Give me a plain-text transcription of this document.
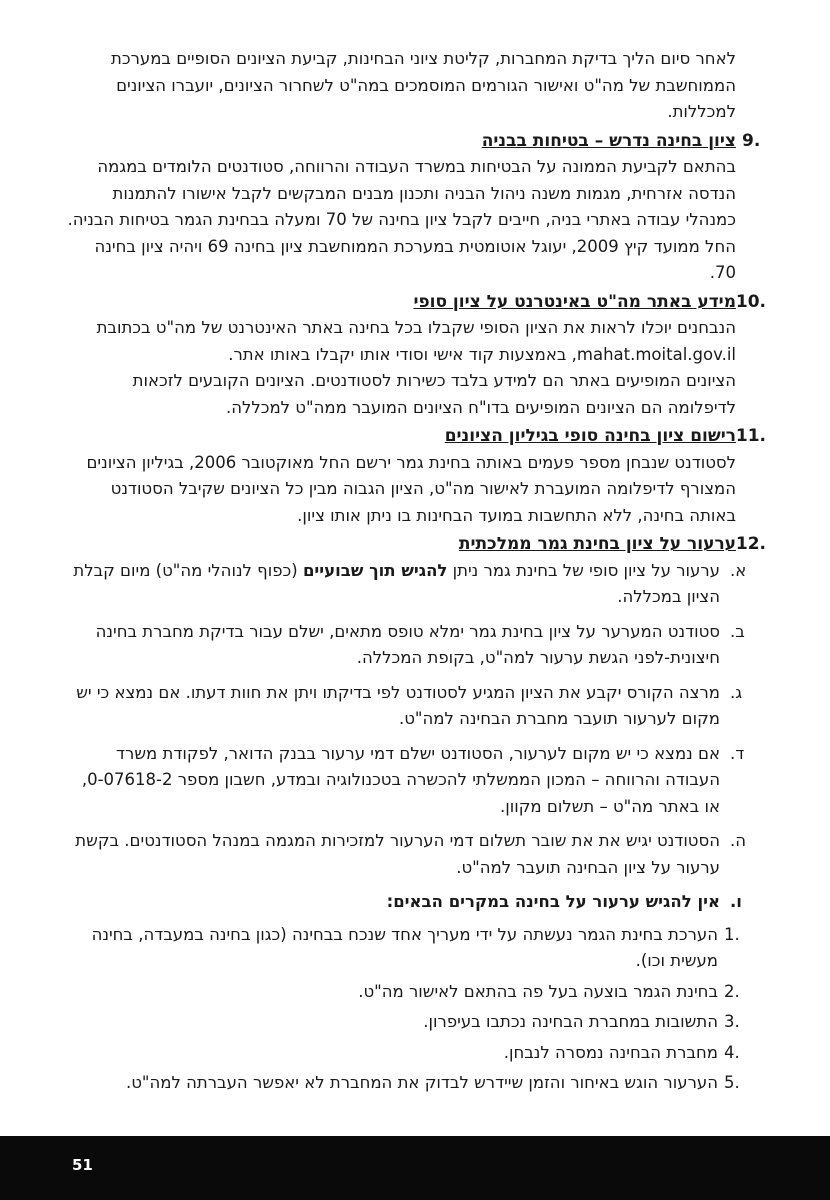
לאחר סיום הליך בדיקת המחברות, קליטת ציוני הבחינות, קביעת הציונים הסופיים במערכת הממוחשבת של מה"ט ואישור הגורמים המוסמכים במה"ט לשחרור הציונים, יועברו הציונים למכללות.

.9
ציון בחינה נדרש – בטיחות בבניה

בהתאם לקביעת הממונה על הבטיחות במשרד העבודה והרווחה, סטודנטים הלומדים במגמה הנדסה אזרחית, מגמות משנה ניהול הבניה ותכנון מבנים המבקשים לקבל אישורו להתמנות כמנהלי עבודה באתרי בניה, חייבים לקבל ציון בחינה של 70 ומעלה בבחינת הגמר בטיחות הבניה.

החל ממועד קיץ 2009, יעוגל אוטומטית במערכת הממוחשבת ציון בחינה 69 ויהיה ציון בחינה 70.

.10
מידע באתר מה"ט באינטרנט על ציון סופי

הנבחנים יוכלו לראות את הציון הסופי שקבלו בכל בחינה באתר האינטרנט של מה"ט בכתובת mahat.moital.gov.il, באמצעות קוד אישי וסודי אותו יקבלו באותו אתר.

הציונים המופיעים באתר הם למידע בלבד כשירות לסטודנטים. הציונים הקובעים לזכאות לדיפלומה הם הציונים המופיעים בדו"ח הציונים המועבר ממה"ט למכללה.

.11
רישום ציון בחינה סופי בגיליון הציונים

לסטודנט שנבחן מספר פעמים באותה בחינת גמר ירשם החל מאוקטובר 2006, בגיליון הציונים המצורף לדיפלומה המועברת לאישור מה"ט, הציון הגבוה מבין כל הציונים שקיבל הסטודנט באותה בחינה, ללא התחשבות במועד הבחינות בו ניתן אותו ציון.

.12
ערעור על ציון בחינת גמר ממלכתית
א.
ערעור על ציון סופי של בחינת גמר ניתן להגיש תוך שבועיים (כפוף לנוהלי מה"ט) מיום קבלת הציון במכללה.
ב.
סטודנט המערער על ציון בחינת גמר ימלא טופס מתאים, ישלם עבור בדיקת מחברת בחינה חיצונית-לפני הגשת ערעור למה"ט, בקופת המכללה.
ג.
מרצה הקורס יקבע את הציון המגיע לסטודנט לפי בדיקתו ויתן את חוות דעתו. אם נמצא כי יש מקום לערעור תועבר מחברת הבחינה למה"ט.
ד.
אם נמצא כי יש מקום לערעור, הסטודנט ישלם דמי ערעור בבנק הדואר, לפקודת משרד העבודה והרווחה – המכון הממשלתי להכשרה בטכנולוגיה ובמדע, חשבון מספר 0-07618-2, או באתר מה"ט – תשלום מקוון.
ה.
הסטודנט יגיש את את שובר תשלום דמי הערעור למזכירות המגמה במנהל הסטודנטים. בקשת ערעור על ציון הבחינה תועבר למה"ט.
ו.
אין להגיש ערעור על בחינה במקרים הבאים:
.1
הערכת בחינת הגמר נעשתה על ידי מעריך אחד שנכח בבחינה (כגון בחינה במעבדה, בחינה מעשית וכו).
.2
בחינת הגמר בוצעה בעל פה בהתאם לאישור מה"ט.
.3
התשובות במחברת הבחינה נכתבו בעיפרון.
.4
מחברת הבחינה נמסרה לנבחן.
.5
הערעור הוגש באיחור והזמן שיידרש לבדוק את המחברת לא יאפשר העברתה למה"ט.
51
